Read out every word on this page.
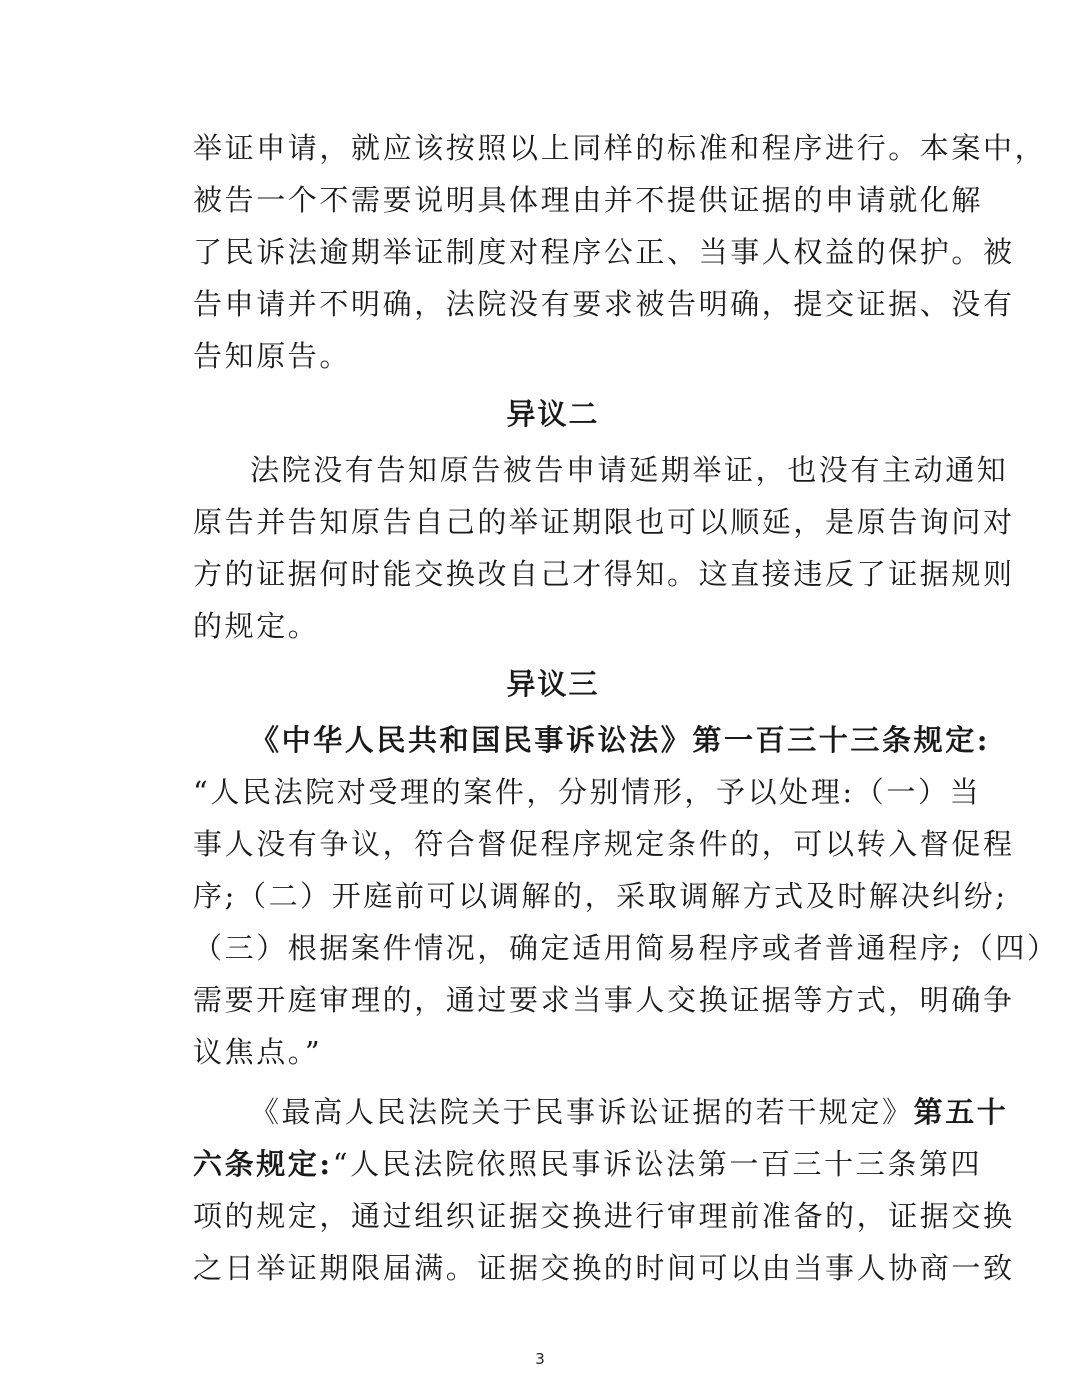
举证申请，就应该按照以上同样的标准和程序进行。本案中，
被告一个不需要说明具体理由并不提供证据的申请就化解
了民诉法逾期举证制度对程序公正、当事人权益的保护。被
告申请并不明确，法院没有要求被告明确，提交证据、没有
告知原告。
异议二
法院没有告知原告被告申请延期举证，也没有主动通知
原告并告知原告自己的举证期限也可以顺延，是原告询问对
方的证据何时能交换改自己才得知。这直接违反了证据规则
的规定。
异议三
《中华人民共和国民事诉讼法》第一百三十三条规定:
“人民法院对受理的案件，分别情形，予以处理:（一）当
事人没有争议，符合督促程序规定条件的，可以转入督促程
序;（二）开庭前可以调解的，采取调解方式及时解决纠纷;
（三）根据案件情况，确定适用简易程序或者普通程序;（四）
需要开庭审理的，通过要求当事人交换证据等方式，明确争
议焦点。”
《最高人民法院关于民事诉讼证据的若干规定》第五十
六条规定:“人民法院依照民事诉讼法第一百三十三条第四
项的规定，通过组织证据交换进行审理前准备的，证据交换
之日举证期限届满。证据交换的时间可以由当事人协商一致
3
